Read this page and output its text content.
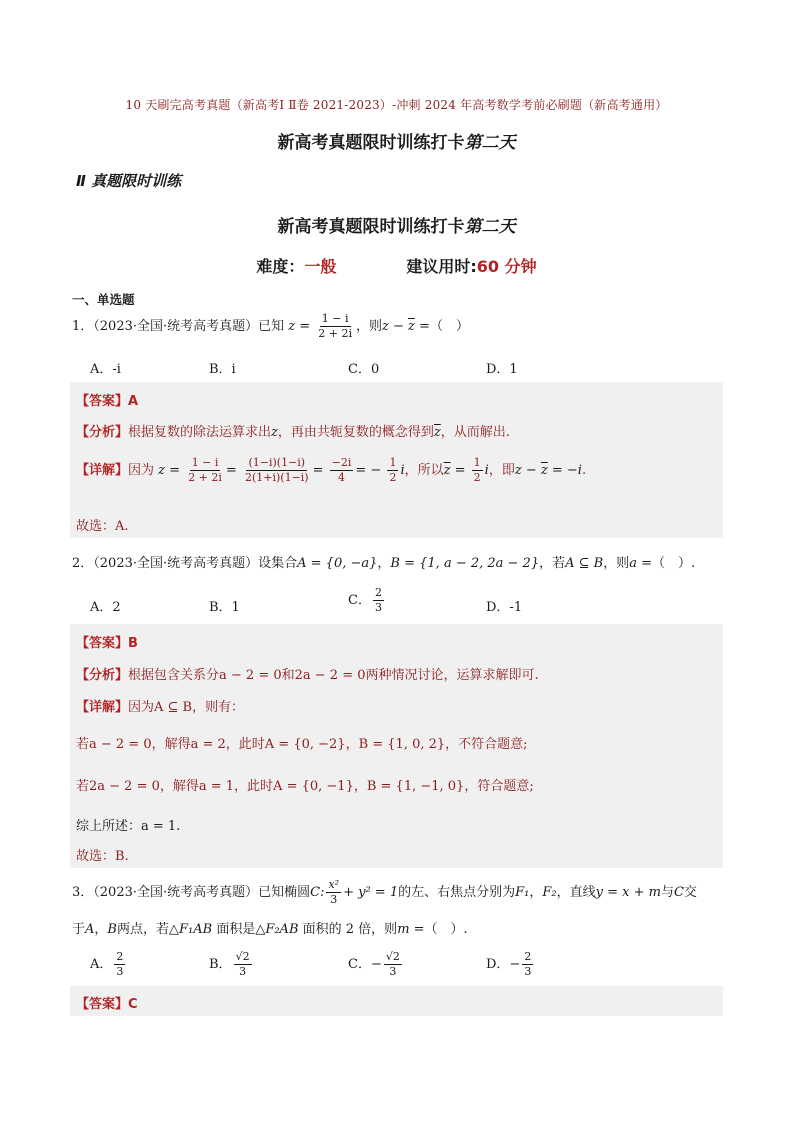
10 天刷完高考真题（新高考Ⅰ Ⅱ卷 2021-2023）-冲刺 2024 年高考数学考前必刷题（新高考通用）
新高考真题限时训练打卡第二天
Ⅱ 真题限时训练
新高考真题限时训练打卡第二天
难度：一般	建议用时:60 分钟
一、单选题
1．（2023·全国·统考高考真题）已知 $z = \frac{1 - i}{2 + 2i}$ ，则$z - \overline{z}$ =（　）
A．-i	B．i	C．0	D．1
【答案】A
【分析】根据复数的除法运算求出z，再由共轭复数的概念得到$\overline{z}$，从而解出.
【详解】因为 $z = \frac{1 - i}{2 + 2i} = \frac{(1-i)(1-i)}{2(1+i)(1-i)} = \frac{-2i}{4}$ = − $\frac{1}{2}$ i，所以$\overline{z} = \frac{1}{2}$ i，即$z - \overline{z} = -i$.
故选：A.
2．（2023·全国·统考高考真题）设集合A = {0, −a}，B = {1, a − 2, 2a − 2}，若A ⊆ B，则a =（　）.
A．2	B．1	C． $\frac{2}{3}$	D．-1
【答案】B
【分析】根据包含关系分a − 2 = 0和2a − 2 = 0两种情况讨论，运算求解即可.
【详解】因为A ⊆ B，则有：
若a − 2 = 0，解得a = 2，此时A = {0, −2}，B = {1, 0, 2}，不符合题意;
若2a − 2 = 0，解得a = 1，此时A = {0, −1}，B = {1, −1, 0}，符合题意;
综上所述：a = 1.
故选：B.
3．（2023·全国·统考高考真题）已知椭圆C: $\frac{\text{x²}}{3} + y^2 = 1$的左、右焦点分别为F₁，F₂，直线y = x + m与C交
于A，B两点，若△F₁AB 面积是△F₂AB 面积的 2 倍，则m =（　）.
A． $\frac{2}{3}$	B． $\frac{√2}{3}$	C．− $\frac{√2}{3}$	D．− $\frac{2}{3}$
【答案】C
